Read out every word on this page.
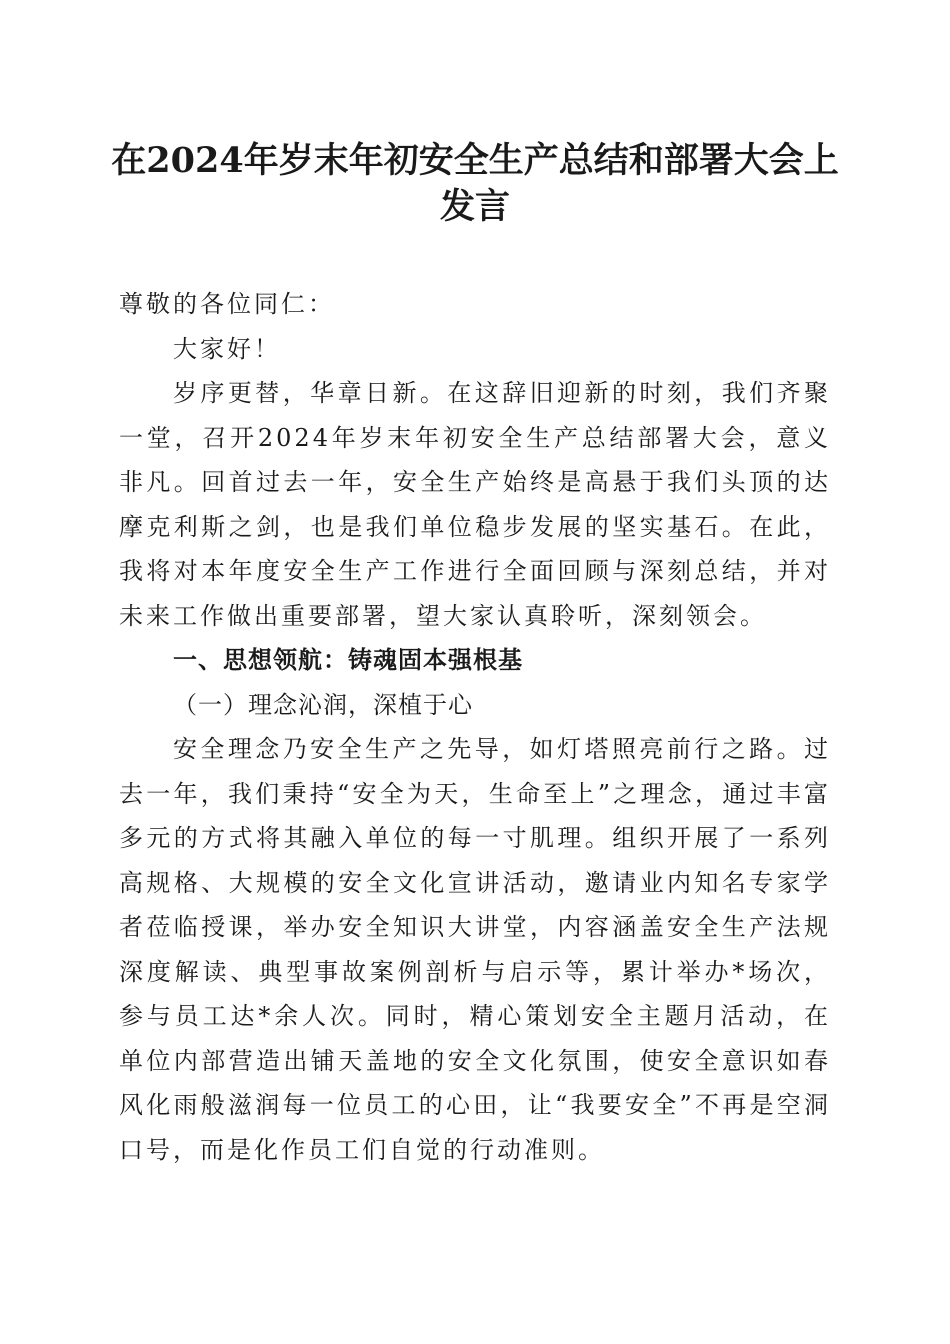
在2024年岁末年初安全生产总结和部署大会上发言

尊敬的各位同仁：

大家好！

岁序更替，华章日新。在这辞旧迎新的时刻，我们齐聚一堂，召开2024年岁末年初安全生产总结部署大会，意义非凡。回首过去一年，安全生产始终是高悬于我们头顶的达摩克利斯之剑，也是我们单位稳步发展的坚实基石。在此，我将对本年度安全生产工作进行全面回顾与深刻总结，并对未来工作做出重要部署，望大家认真聆听，深刻领会。

一、思想领航：铸魂固本强根基

（一）理念沁润，深植于心

安全理念乃安全生产之先导，如灯塔照亮前行之路。过去一年，我们秉持“安全为天，生命至上”之理念，通过丰富多元的方式将其融入单位的每一寸肌理。组织开展了一系列高规格、大规模的安全文化宣讲活动，邀请业内知名专家学者莅临授课，举办安全知识大讲堂，内容涵盖安全生产法规深度解读、典型事故案例剖析与启示等，累计举办*场次，参与员工达*余人次。同时，精心策划安全主题月活动，在单位内部营造出铺天盖地的安全文化氛围，使安全意识如春风化雨般滋润每一位员工的心田，让“我要安全”不再是空洞口号，而是化作员工们自觉的行动准则。
